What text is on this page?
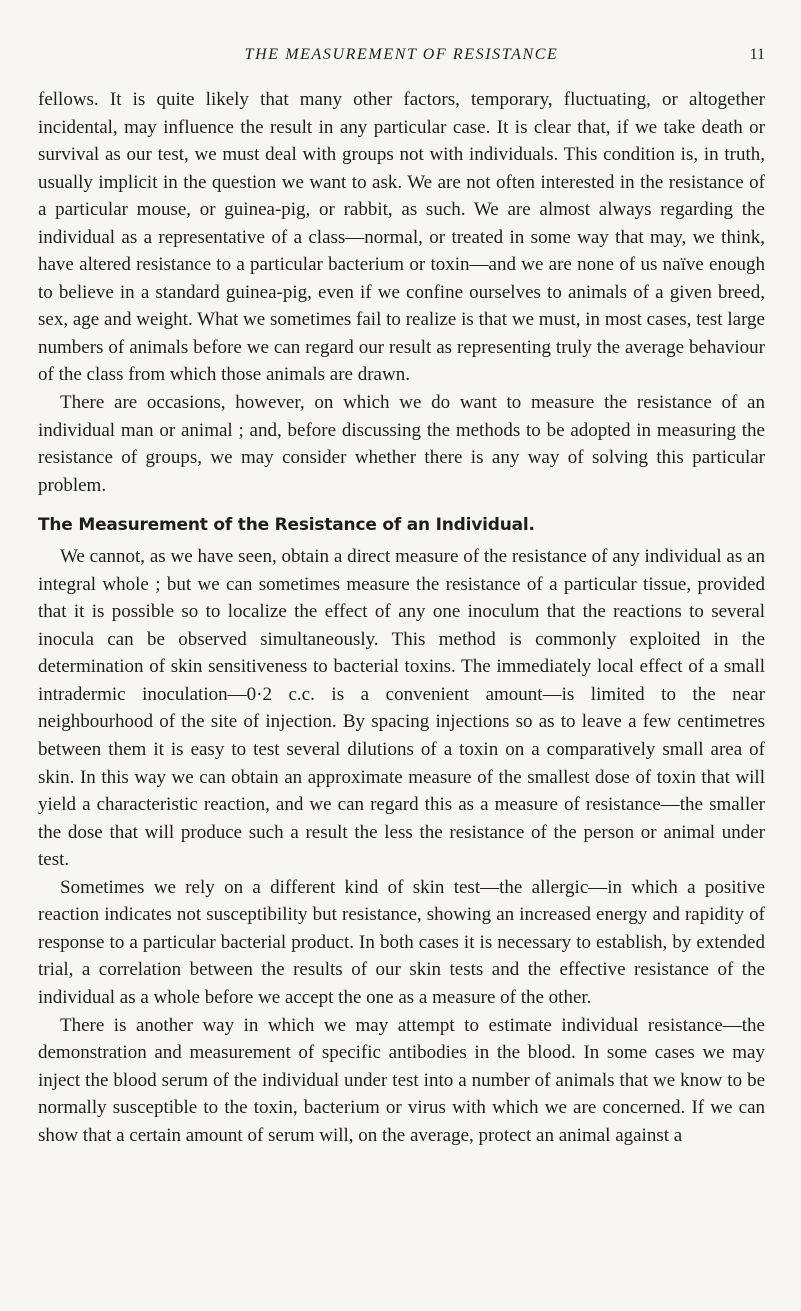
THE MEASUREMENT OF RESISTANCE	11

fellows. It is quite likely that many other factors, temporary, fluctuating, or altogether incidental, may influence the result in any particular case. It is clear that, if we take death or survival as our test, we must deal with groups not with individuals. This condition is, in truth, usually implicit in the question we want to ask. We are not often interested in the resistance of a particular mouse, or guinea-pig, or rabbit, as such. We are almost always regarding the individual as a representative of a class—normal, or treated in some way that may, we think, have altered resistance to a particular bacterium or toxin—and we are none of us naïve enough to believe in a standard guinea-pig, even if we confine ourselves to animals of a given breed, sex, age and weight. What we sometimes fail to realize is that we must, in most cases, test large numbers of animals before we can regard our result as representing truly the average behaviour of the class from which those animals are drawn.

There are occasions, however, on which we do want to measure the resistance of an individual man or animal ; and, before discussing the methods to be adopted in measuring the resistance of groups, we may consider whether there is any way of solving this particular problem.

The Measurement of the Resistance of an Individual.

We cannot, as we have seen, obtain a direct measure of the resistance of any individual as an integral whole ; but we can sometimes measure the resistance of a particular tissue, provided that it is possible so to localize the effect of any one inoculum that the reactions to several inocula can be observed simultaneously. This method is commonly exploited in the determination of skin sensitiveness to bacterial toxins. The immediately local effect of a small intradermic inoculation—0·2 c.c. is a convenient amount—is limited to the near neighbourhood of the site of injection. By spacing injections so as to leave a few centimetres between them it is easy to test several dilutions of a toxin on a comparatively small area of skin. In this way we can obtain an approximate measure of the smallest dose of toxin that will yield a characteristic reaction, and we can regard this as a measure of resistance—the smaller the dose that will produce such a result the less the resistance of the person or animal under test.

Sometimes we rely on a different kind of skin test—the allergic—in which a positive reaction indicates not susceptibility but resistance, showing an increased energy and rapidity of response to a particular bacterial product. In both cases it is necessary to establish, by extended trial, a correlation between the results of our skin tests and the effective resistance of the individual as a whole before we accept the one as a measure of the other.

There is another way in which we may attempt to estimate individual resistance—the demonstration and measurement of specific antibodies in the blood. In some cases we may inject the blood serum of the individual under test into a number of animals that we know to be normally susceptible to the toxin, bacterium or virus with which we are concerned. If we can show that a certain amount of serum will, on the average, protect an animal against a
